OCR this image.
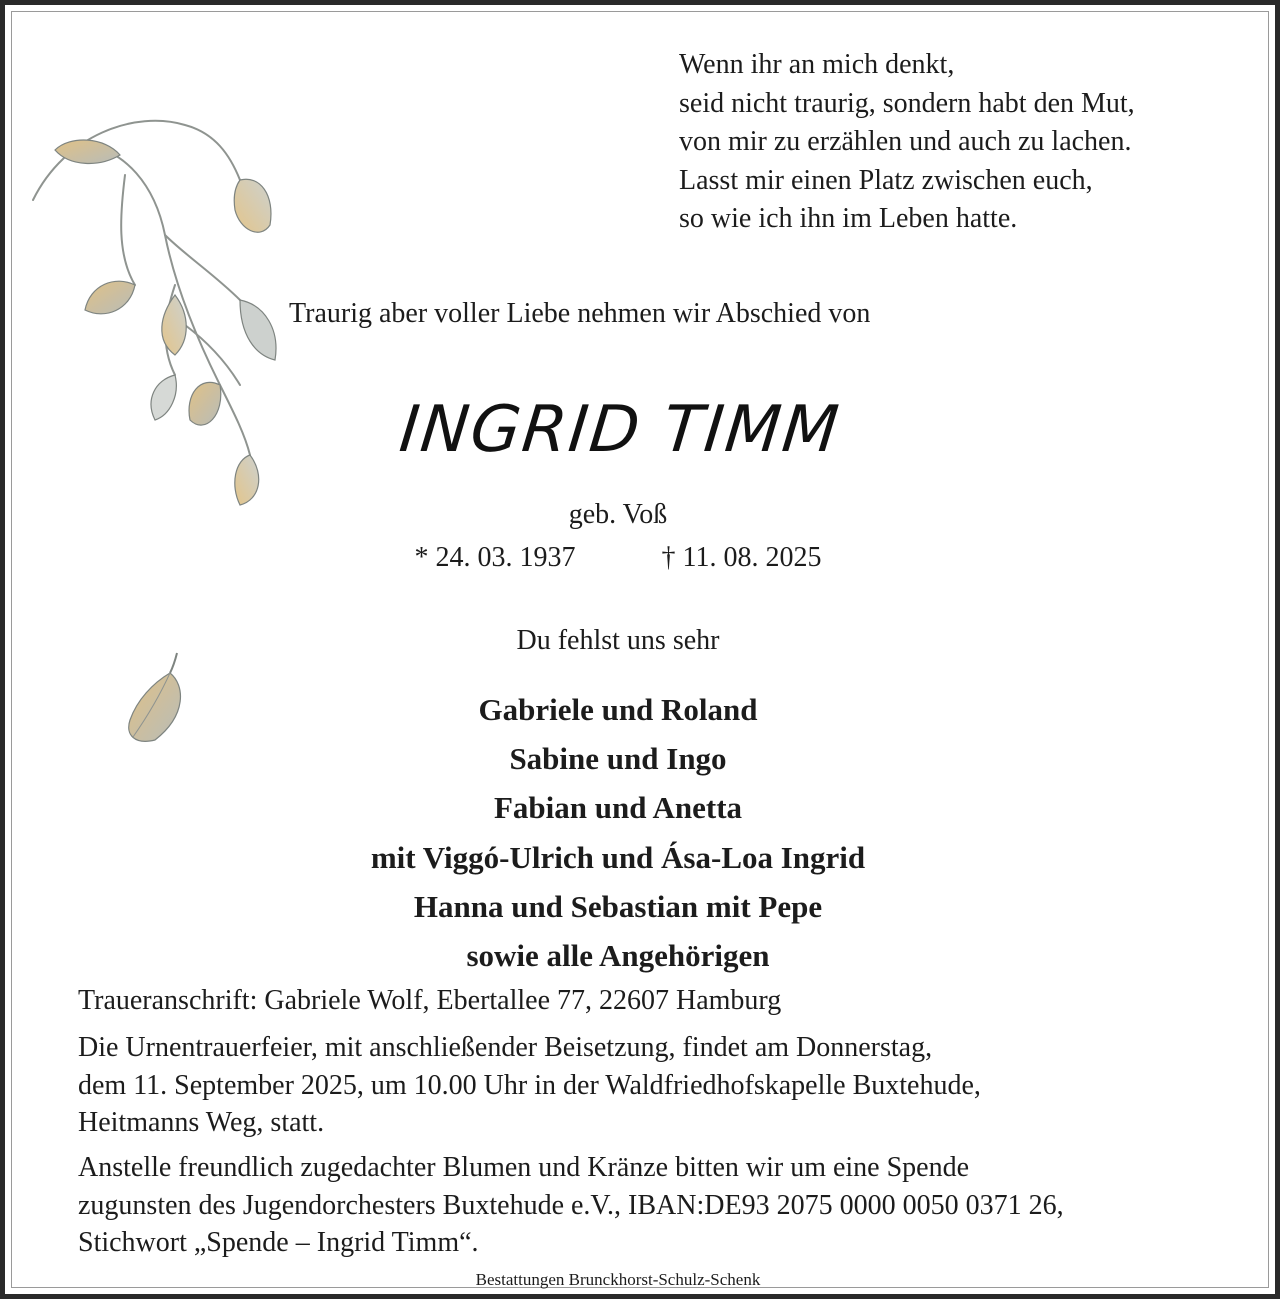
Wenn ihr an mich denkt,
seid nicht traurig, sondern habt den Mut,
von mir zu erzählen und auch zu lachen.
Lasst mir einen Platz zwischen euch,
so wie ich ihn im Leben hatte.
Traurig aber voller Liebe nehmen wir Abschied von
INGRID TIMM
geb. Voß
* 24. 03. 1937	† 11. 08. 2025
Du fehlst uns sehr
Gabriele und Roland
Sabine und Ingo
Fabian und Anetta
mit Viggó-Ulrich und Ása-Loa Ingrid
Hanna und Sebastian mit Pepe
sowie alle Angehörigen
Traueranschrift: Gabriele Wolf, Ebertallee 77, 22607 Hamburg
Die Urnentrauerfeier, mit anschließender Beisetzung, findet am Donnerstag,
dem 11. September 2025, um 10.00 Uhr in der Waldfriedhofskapelle Buxtehude,
Heitmanns Weg, statt.
Anstelle freundlich zugedachter Blumen und Kränze bitten wir um eine Spende
zugunsten des Jugendorchesters Buxtehude e.V., IBAN:DE93 2075 0000 0050 0371 26,
Stichwort „Spende – Ingrid Timm“.
Bestattungen Brunckhorst-Schulz-Schenk
